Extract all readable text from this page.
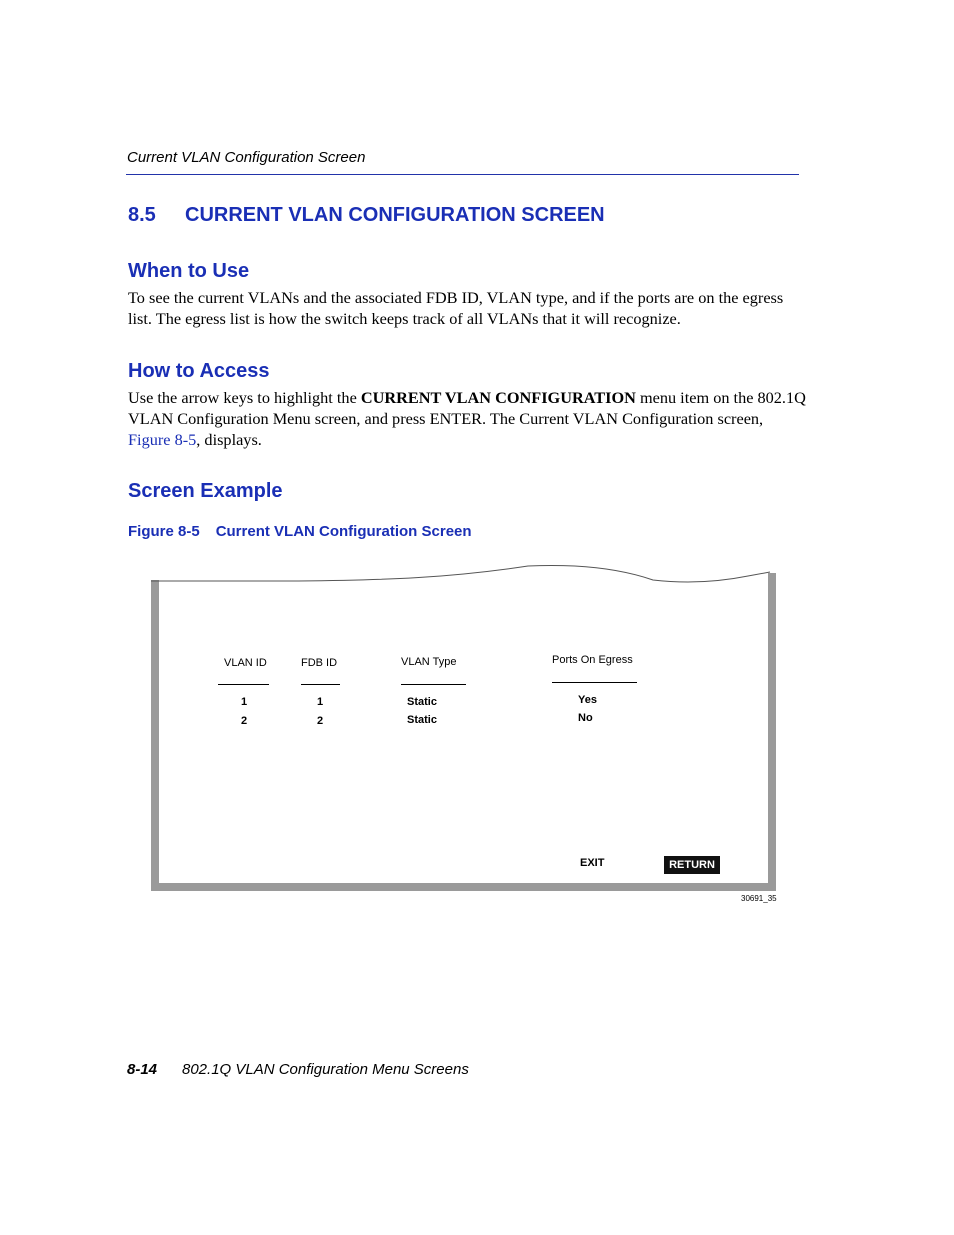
Current VLAN Configuration Screen
8.5 CURRENT VLAN CONFIGURATION SCREEN
When to Use
To see the current VLANs and the associated FDB ID, VLAN type, and if the ports are on the egress list. The egress list is how the switch keeps track of all VLANs that it will recognize.
How to Access
Use the arrow keys to highlight the CURRENT VLAN CONFIGURATION menu item on the 802.1Q VLAN Configuration Menu screen, and press ENTER. The Current VLAN Configuration screen, Figure 8-5, displays.
Screen Example
Figure 8-5 Current VLAN Configuration Screen
VLAN ID	FDB ID	VLAN Type	Ports On Egress
1	1	Static	Yes
2	2	Static	No
EXIT	RETURN
30691_35
8-14 802.1Q VLAN Configuration Menu Screens
